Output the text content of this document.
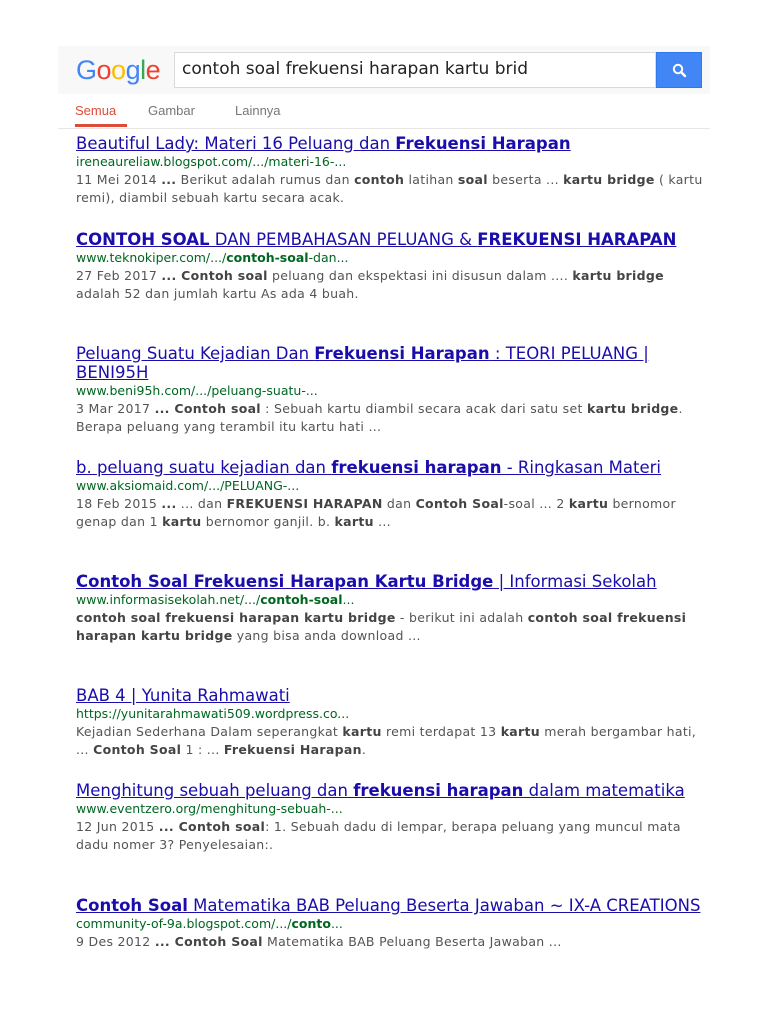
Google contoh soal frekuensi harapan kartu brid
Semua Gambar	Lainnya
Beautiful Lady: Materi 16 Peluang dan Frekuensi Harapan
ireneaureliaw.blogspot.com/.../materi-16-...
11 Mei 2014 ... Berikut adalah rumus dan contoh latihan soal beserta ... kartu bridge ( kartu remi), diambil sebuah kartu secara acak.
CONTOH SOAL DAN PEMBAHASAN PELUANG & FREKUENSI HARAPAN
www.teknokiper.com/.../contoh-soal-dan...
27 Feb 2017 ... Contoh soal peluang dan ekspektasi ini disusun dalam .... kartu bridge adalah 52 dan jumlah kartu As ada 4 buah.
Peluang Suatu Kejadian Dan Frekuensi Harapan : TEORI PELUANG | BENI95H
www.beni95h.com/.../peluang-suatu-...
3 Mar 2017 ... Contoh soal : Sebuah kartu diambil secara acak dari satu set kartu bridge. Berapa peluang yang terambil itu kartu hati ...
b. peluang suatu kejadian dan frekuensi harapan - Ringkasan Materi
www.aksiomaid.com/.../PELUANG-...
18 Feb 2015 ... ... dan FREKUENSI HARAPAN dan Contoh Soal-soal ... 2 kartu bernomor genap dan 1 kartu bernomor ganjil. b. kartu ...
Contoh Soal Frekuensi Harapan Kartu Bridge | Informasi Sekolah
www.informasisekolah.net/.../contoh-soal...
contoh soal frekuensi harapan kartu bridge - berikut ini adalah contoh soal frekuensi harapan kartu bridge yang bisa anda download ...
BAB 4 | Yunita Rahmawati
https://yunitarahmawati509.wordpress.co...
Kejadian Sederhana Dalam seperangkat kartu remi terdapat 13 kartu merah bergambar hati, ... Contoh Soal 1 : ... Frekuensi Harapan.
Menghitung sebuah peluang dan frekuensi harapan dalam matematika
www.eventzero.org/menghitung-sebuah-...
12 Jun 2015 ... Contoh soal: 1. Sebuah dadu di lempar, berapa peluang yang muncul mata dadu nomer 3? Penyelesaian:.
Contoh Soal Matematika BAB Peluang Beserta Jawaban ~ IX-A CREATIONS
community-of-9a.blogspot.com/.../conto...
9 Des 2012 ... Contoh Soal Matematika BAB Peluang Beserta Jawaban ...
